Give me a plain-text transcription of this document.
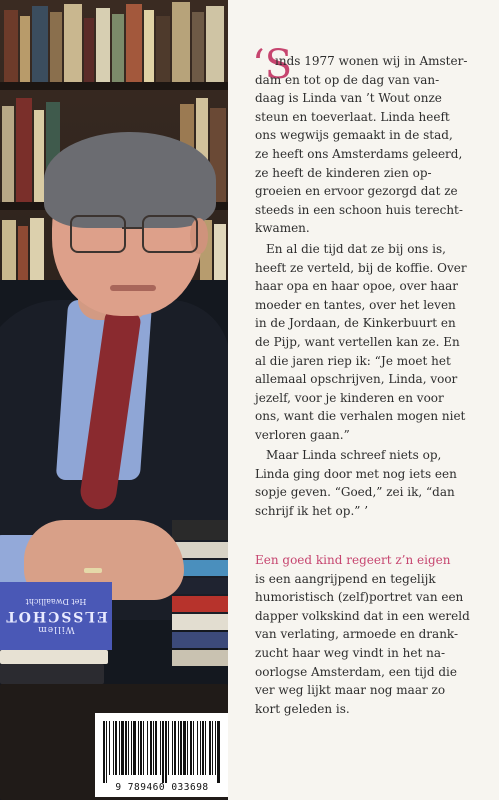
Willem
ELSSCHOT
Het Dwaallicht
9 789460 033698
‘S
ınds 1977 wonen wij in Amster-
dam en tot op de dag van van-
daag is Linda van ’t Wout onze
steun en toeverlaat. Linda heeft
ons wegwijs gemaakt in de stad,
ze heeft ons Amsterdams geleerd,
ze heeft de kinderen zien op-
groeien en ervoor gezorgd dat ze
steeds in een schoon huis terecht-
kwamen.
En al die tijd dat ze bij ons is,
heeft ze verteld, bij de koffie. Over
haar opa en haar opoe, over haar
moeder en tantes, over het leven
in de Jordaan, de Kinkerbuurt en
de Pijp, want vertellen kan ze. En
al die jaren riep ik: “Je moet het
allemaal opschrijven, Linda, voor
jezelf, voor je kinderen en voor
ons, want die verhalen mogen niet
verloren gaan.”
Maar Linda schreef niets op,
Linda ging door met nog iets een
sopje geven. “Goed,” zei ik, “dan
schrijf ik het op.” ’
Een goed kind regeert z’n eigen
is een aangrijpend en tegelijk
humoristisch (zelf)portret van een
dapper volkskind dat in een wereld
van verlating, armoede en drank-
zucht haar weg vindt in het na-
oorlogse Amsterdam, een tijd die
ver weg lijkt maar nog maar zo
kort geleden is.
